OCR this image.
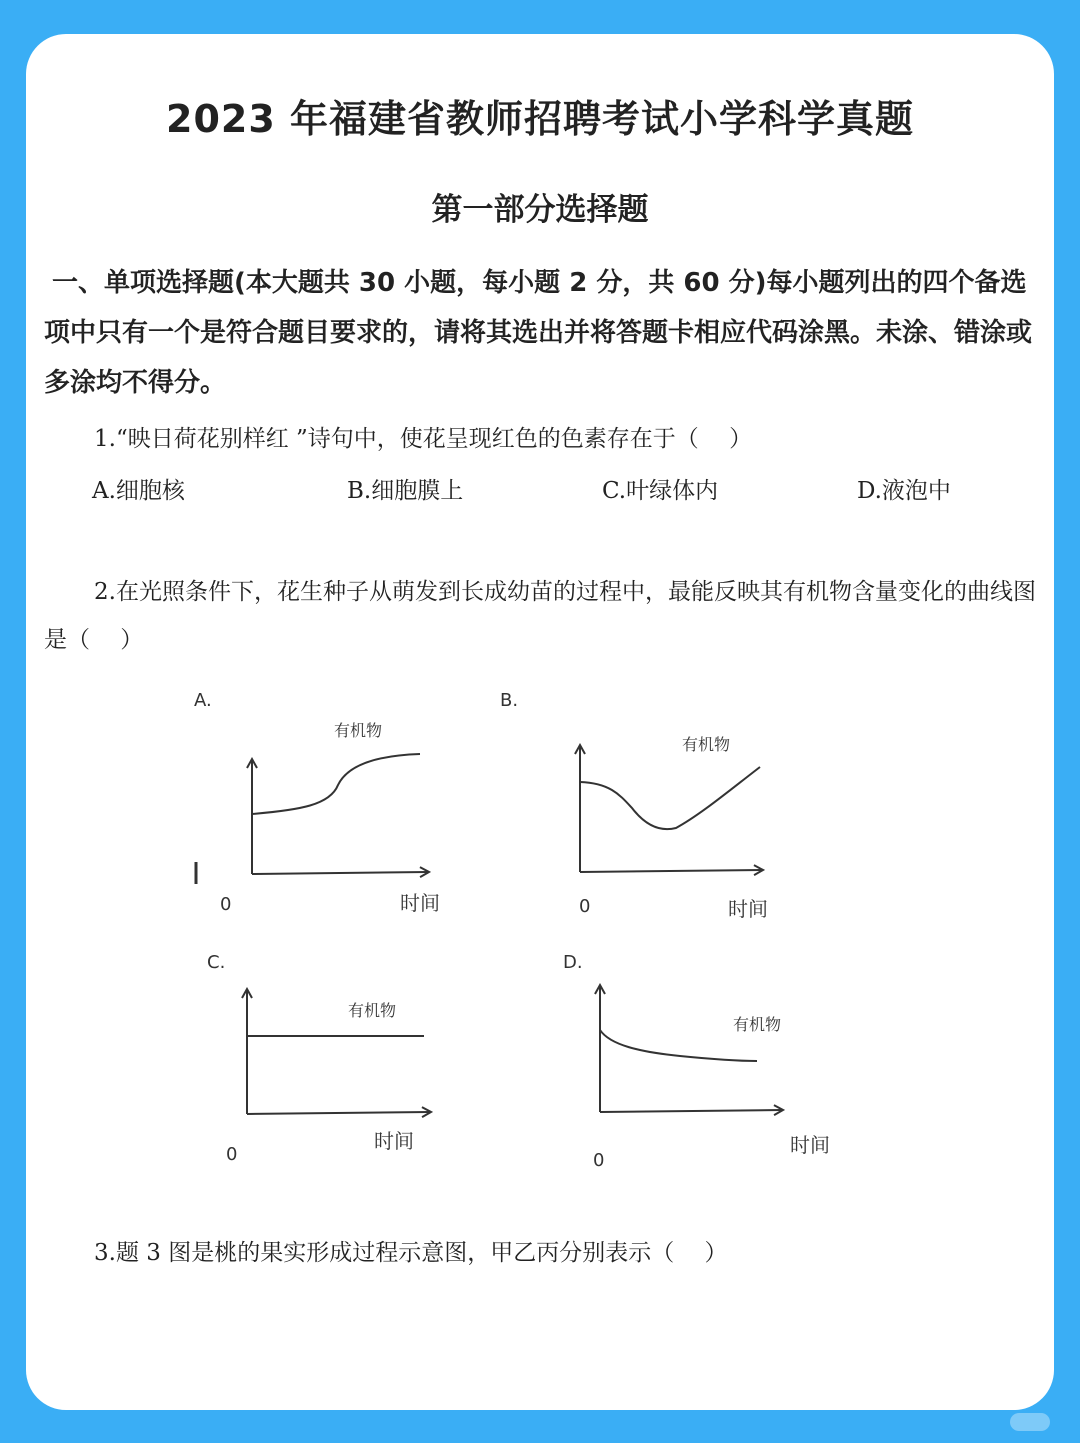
2023 年福建省教师招聘考试小学科学真题
第一部分选择题
一、单项选择题(本大题共 30 小题，每小题 2 分，共 60 分)每小题列出的四个备选项中只有一个是符合题目要求的，请将其选出并将答题卡相应代码涂黑。未涂、错涂或多涂均不得分。
1.“映日荷花别样红 ”诗句中，使花呈现红色的色素存在于（　 ）
A.细胞核	B.细胞膜上	C.叶绿体内	D.液泡中
2.在光照条件下，花生种子从萌发到长成幼苗的过程中，最能反映其有机物含量变化的曲线图是（　 ）
A.
有机物
0	时间
B.
有机物
0	时间
C.
有机物
0
时间
D.
有机物
0
时间
3.题 3 图是桃的果实形成过程示意图，甲乙丙分别表示（　 ）
